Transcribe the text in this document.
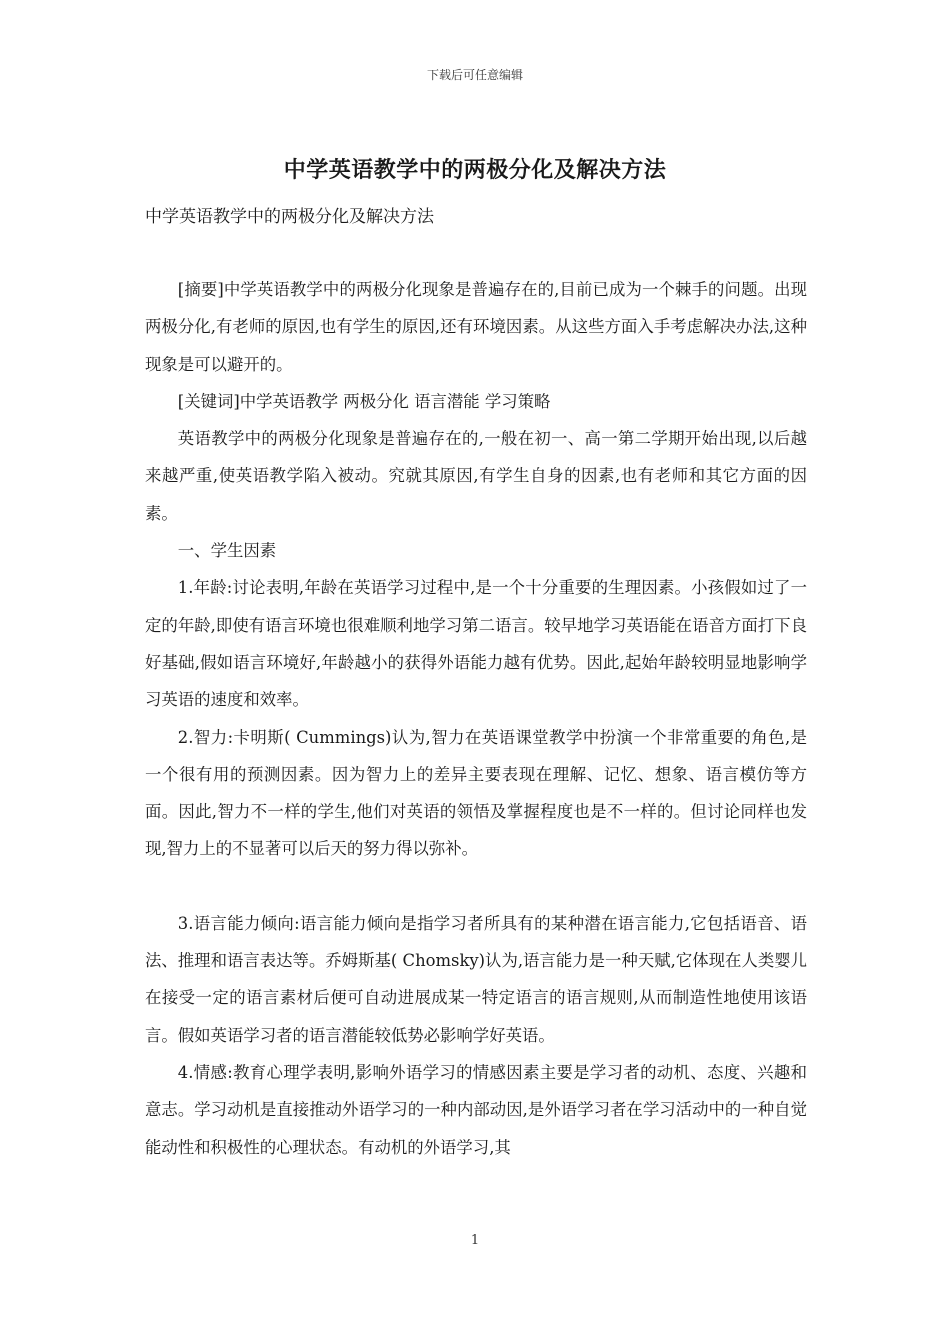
下载后可任意编辑
中学英语教学中的两极分化及解决方法
中学英语教学中的两极分化及解决方法

[摘要]中学英语教学中的两极分化现象是普遍存在的,目前已成为一个棘手的问题。出现两极分化,有老师的原因,也有学生的原因,还有环境因素。从这些方面入手考虑解决办法,这种现象是可以避开的。

[关键词]中学英语教学 两极分化 语言潜能 学习策略

英语教学中的两极分化现象是普遍存在的,一般在初一、高一第二学期开始出现,以后越来越严重,使英语教学陷入被动。究就其原因,有学生自身的因素,也有老师和其它方面的因素。

一、学生因素

1.年龄:讨论表明,年龄在英语学习过程中,是一个十分重要的生理因素。小孩假如过了一定的年龄,即使有语言环境也很难顺利地学习第二语言。较早地学习英语能在语音方面打下良好基础,假如语言环境好,年龄越小的获得外语能力越有优势。因此,起始年龄较明显地影响学习英语的速度和效率。

2.智力:卡明斯( Cummings)认为,智力在英语课堂教学中扮演一个非常重要的角色,是一个很有用的预测因素。因为智力上的差异主要表现在理解、记忆、想象、语言模仿等方面。因此,智力不一样的学生,他们对英语的领悟及掌握程度也是不一样的。但讨论同样也发现,智力上的不显著可以后天的努力得以弥补。

3.语言能力倾向:语言能力倾向是指学习者所具有的某种潜在语言能力,它包括语音、语法、推理和语言表达等。乔姆斯基( Chomsky)认为,语言能力是一种天赋,它体现在人类婴儿在接受一定的语言素材后便可自动进展成某一特定语言的语言规则,从而制造性地使用该语言。假如英语学习者的语言潜能较低势必影响学好英语。

4.情感:教育心理学表明,影响外语学习的情感因素主要是学习者的动机、态度、兴趣和意志。学习动机是直接推动外语学习的一种内部动因,是外语学习者在学习活动中的一种自觉能动性和积极性的心理状态。有动机的外语学习,其

1
